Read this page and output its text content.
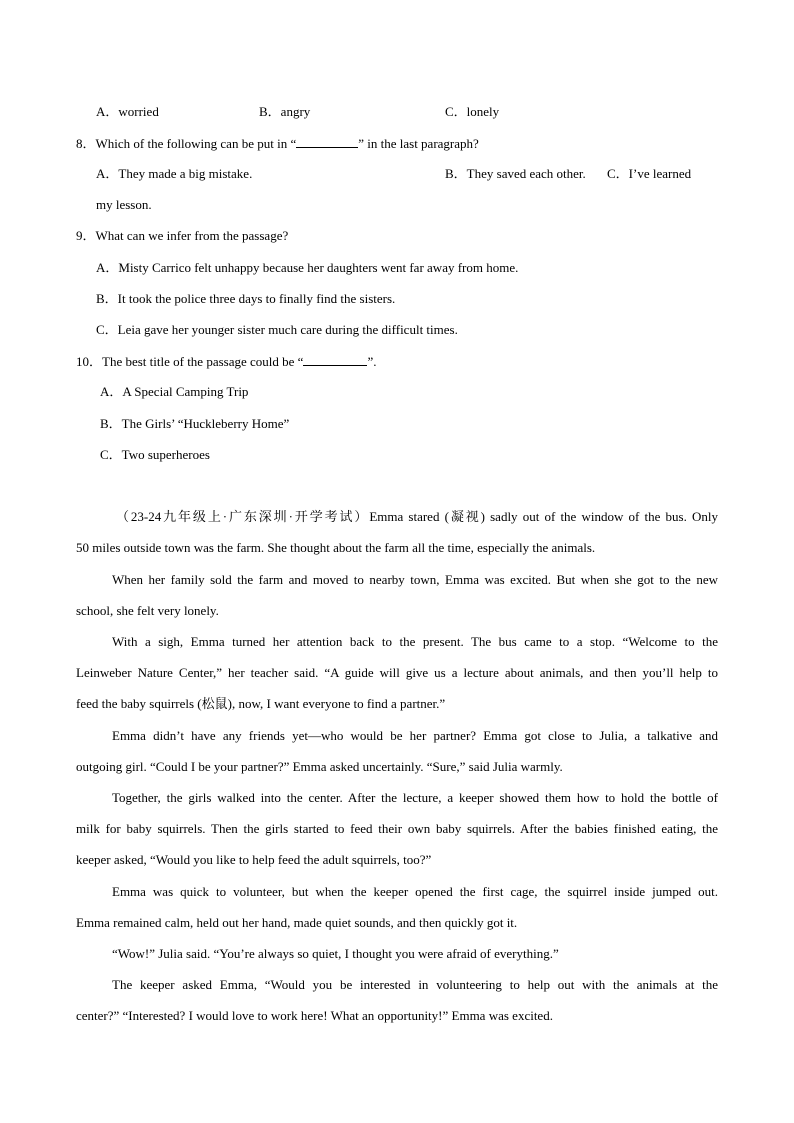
A．worried	B．angry	C．lonely
8．Which of the following can be put in “	” in the last paragraph?
A．They made a big mistake.	B．They saved each other. C．I’ve learned
my lesson.
9．What can we infer from the passage?
A．Misty Carrico felt unhappy because her daughters went far away from home.
B．It took the police three days to finally find the sisters.
C．Leia gave her younger sister much care during the difficult times.
10．The best title of the passage could be “	”.
A．A Special Camping Trip
B．The Girls’ “Huckleberry Home”
C．Two superheroes
（23-24九年级上·广东深圳·开学考试）Emma stared (凝视) sadly out of the window of the bus. Only
50 miles outside town was the farm. She thought about the farm all the time, especially the animals.
When her family sold the farm and moved to nearby town, Emma was excited. But when she got to the new
school, she felt very lonely.
With a sigh, Emma turned her attention back to the present. The bus came to a stop. “Welcome to the
Leinweber Nature Center,” her teacher said. “A guide will give us a lecture about animals, and then you’ll help to
feed the baby squirrels (松鼠), now, I want everyone to find a partner.”
Emma didn’t have any friends yet—who would be her partner? Emma got close to Julia, a talkative and
outgoing girl. “Could I be your partner?” Emma asked uncertainly. “Sure,” said Julia warmly.
Together, the girls walked into the center. After the lecture, a keeper showed them how to hold the bottle of
milk for baby squirrels. Then the girls started to feed their own baby squirrels. After the babies finished eating, the
keeper asked, “Would you like to help feed the adult squirrels, too?”
Emma was quick to volunteer, but when the keeper opened the first cage, the squirrel inside jumped out.
Emma remained calm, held out her hand, made quiet sounds, and then quickly got it.
“Wow!” Julia said. “You’re always so quiet, I thought you were afraid of everything.”
The keeper asked Emma, “Would you be interested in volunteering to help out with the animals at the
center?” “Interested? I would love to work here! What an opportunity!” Emma was excited.
